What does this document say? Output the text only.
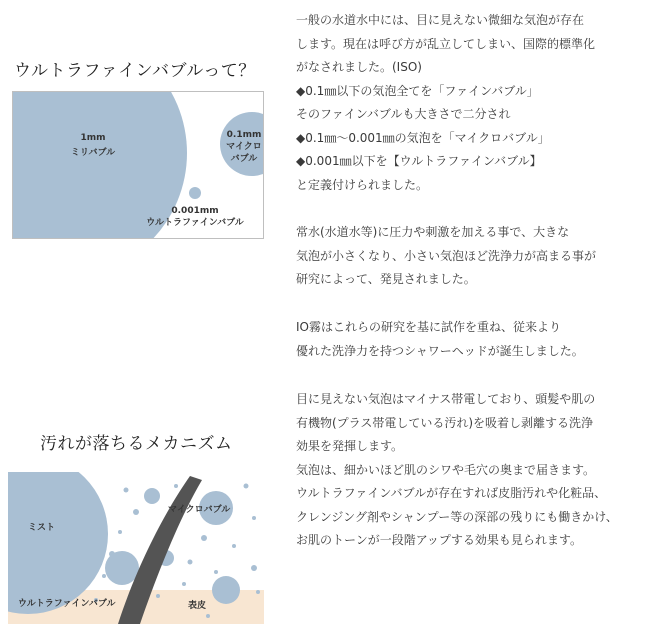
ウルトラファインバブルって？
1mm
ミリバブル
0.1mm
マイクロ
バブル
0.001mm
ウルトラファインバブル
汚れが落ちるメカニズム
ミスト
マイクロバブル
ウルトラファインバブル	表皮
一般の水道水中には、目に見えない微細な気泡が存在
します。現在は呼び方が乱立してしまい、国際的標準化
がなされました。(ISO)
◆0.1㎜以下の気泡全てを「ファインバブル」
そのファインバブルも大きさで二分され
◆0.1㎜～0.001㎜の気泡を「マイクロバブル」
◆0.001㎜以下を【ウルトラファインバブル】
と定義付けられました。
常水(水道水等)に圧力や刺激を加える事で、大きな
気泡が小さくなり、小さい気泡ほど洗浄力が高まる事が
研究によって、発見されました。
IO霧はこれらの研究を基に試作を重ね、従来より
優れた洗浄力を持つシャワーヘッドが誕生しました。
目に見えない気泡はマイナス帯電しており、頭髪や肌の
有機物(プラス帯電している汚れ)を吸着し剥離する洗浄
効果を発揮します。
気泡は、細かいほど肌のシワや毛穴の奥まで届きます。
ウルトラファインバブルが存在すれば皮脂汚れや化粧品、
クレンジング剤やシャンプー等の深部の残りにも働きかけ、
お肌のトーンが一段階アップする効果も見られます。
